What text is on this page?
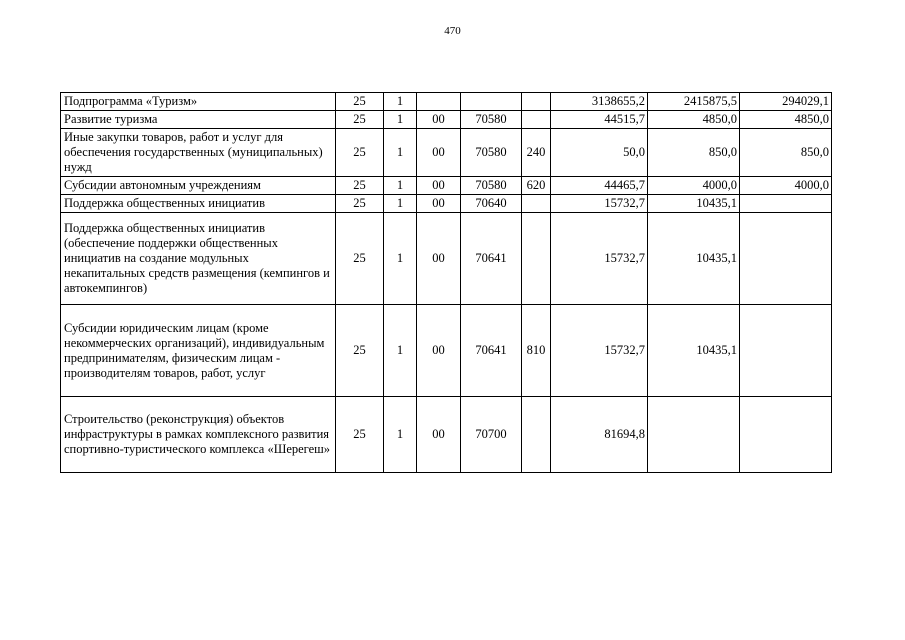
470
Подпрограмма «Туризм»	25	1				3138655,2	2415875,5	294029,1
Развитие туризма	25	1	00	70580		44515,7	4850,0	4850,0
Иные закупки товаров, работ и услуг для обеспечения государственных (муниципальных) нужд	25	1	00	70580	240	50,0	850,0	850,0
Субсидии автономным учреждениям	25	1	00	70580	620	44465,7	4000,0	4000,0
Поддержка общественных инициатив	25	1	00	70640		15732,7	10435,1	
Поддержка общественных инициатив (обеспечение поддержки общественных инициатив на создание модульных некапитальных средств размещения (кемпингов и автокемпингов)	25	1	00	70641		15732,7	10435,1	
Субсидии юридическим лицам (кроме некоммерческих организаций), индивидуальным предпринимателям, физическим лицам - производителям товаров, работ, услуг	25	1	00	70641	810	15732,7	10435,1	
Строительство (реконструкция) объектов инфраструктуры в рамках комплексного развития спортивно-туристического комплекса «Шерегеш»	25	1	00	70700		81694,8		
